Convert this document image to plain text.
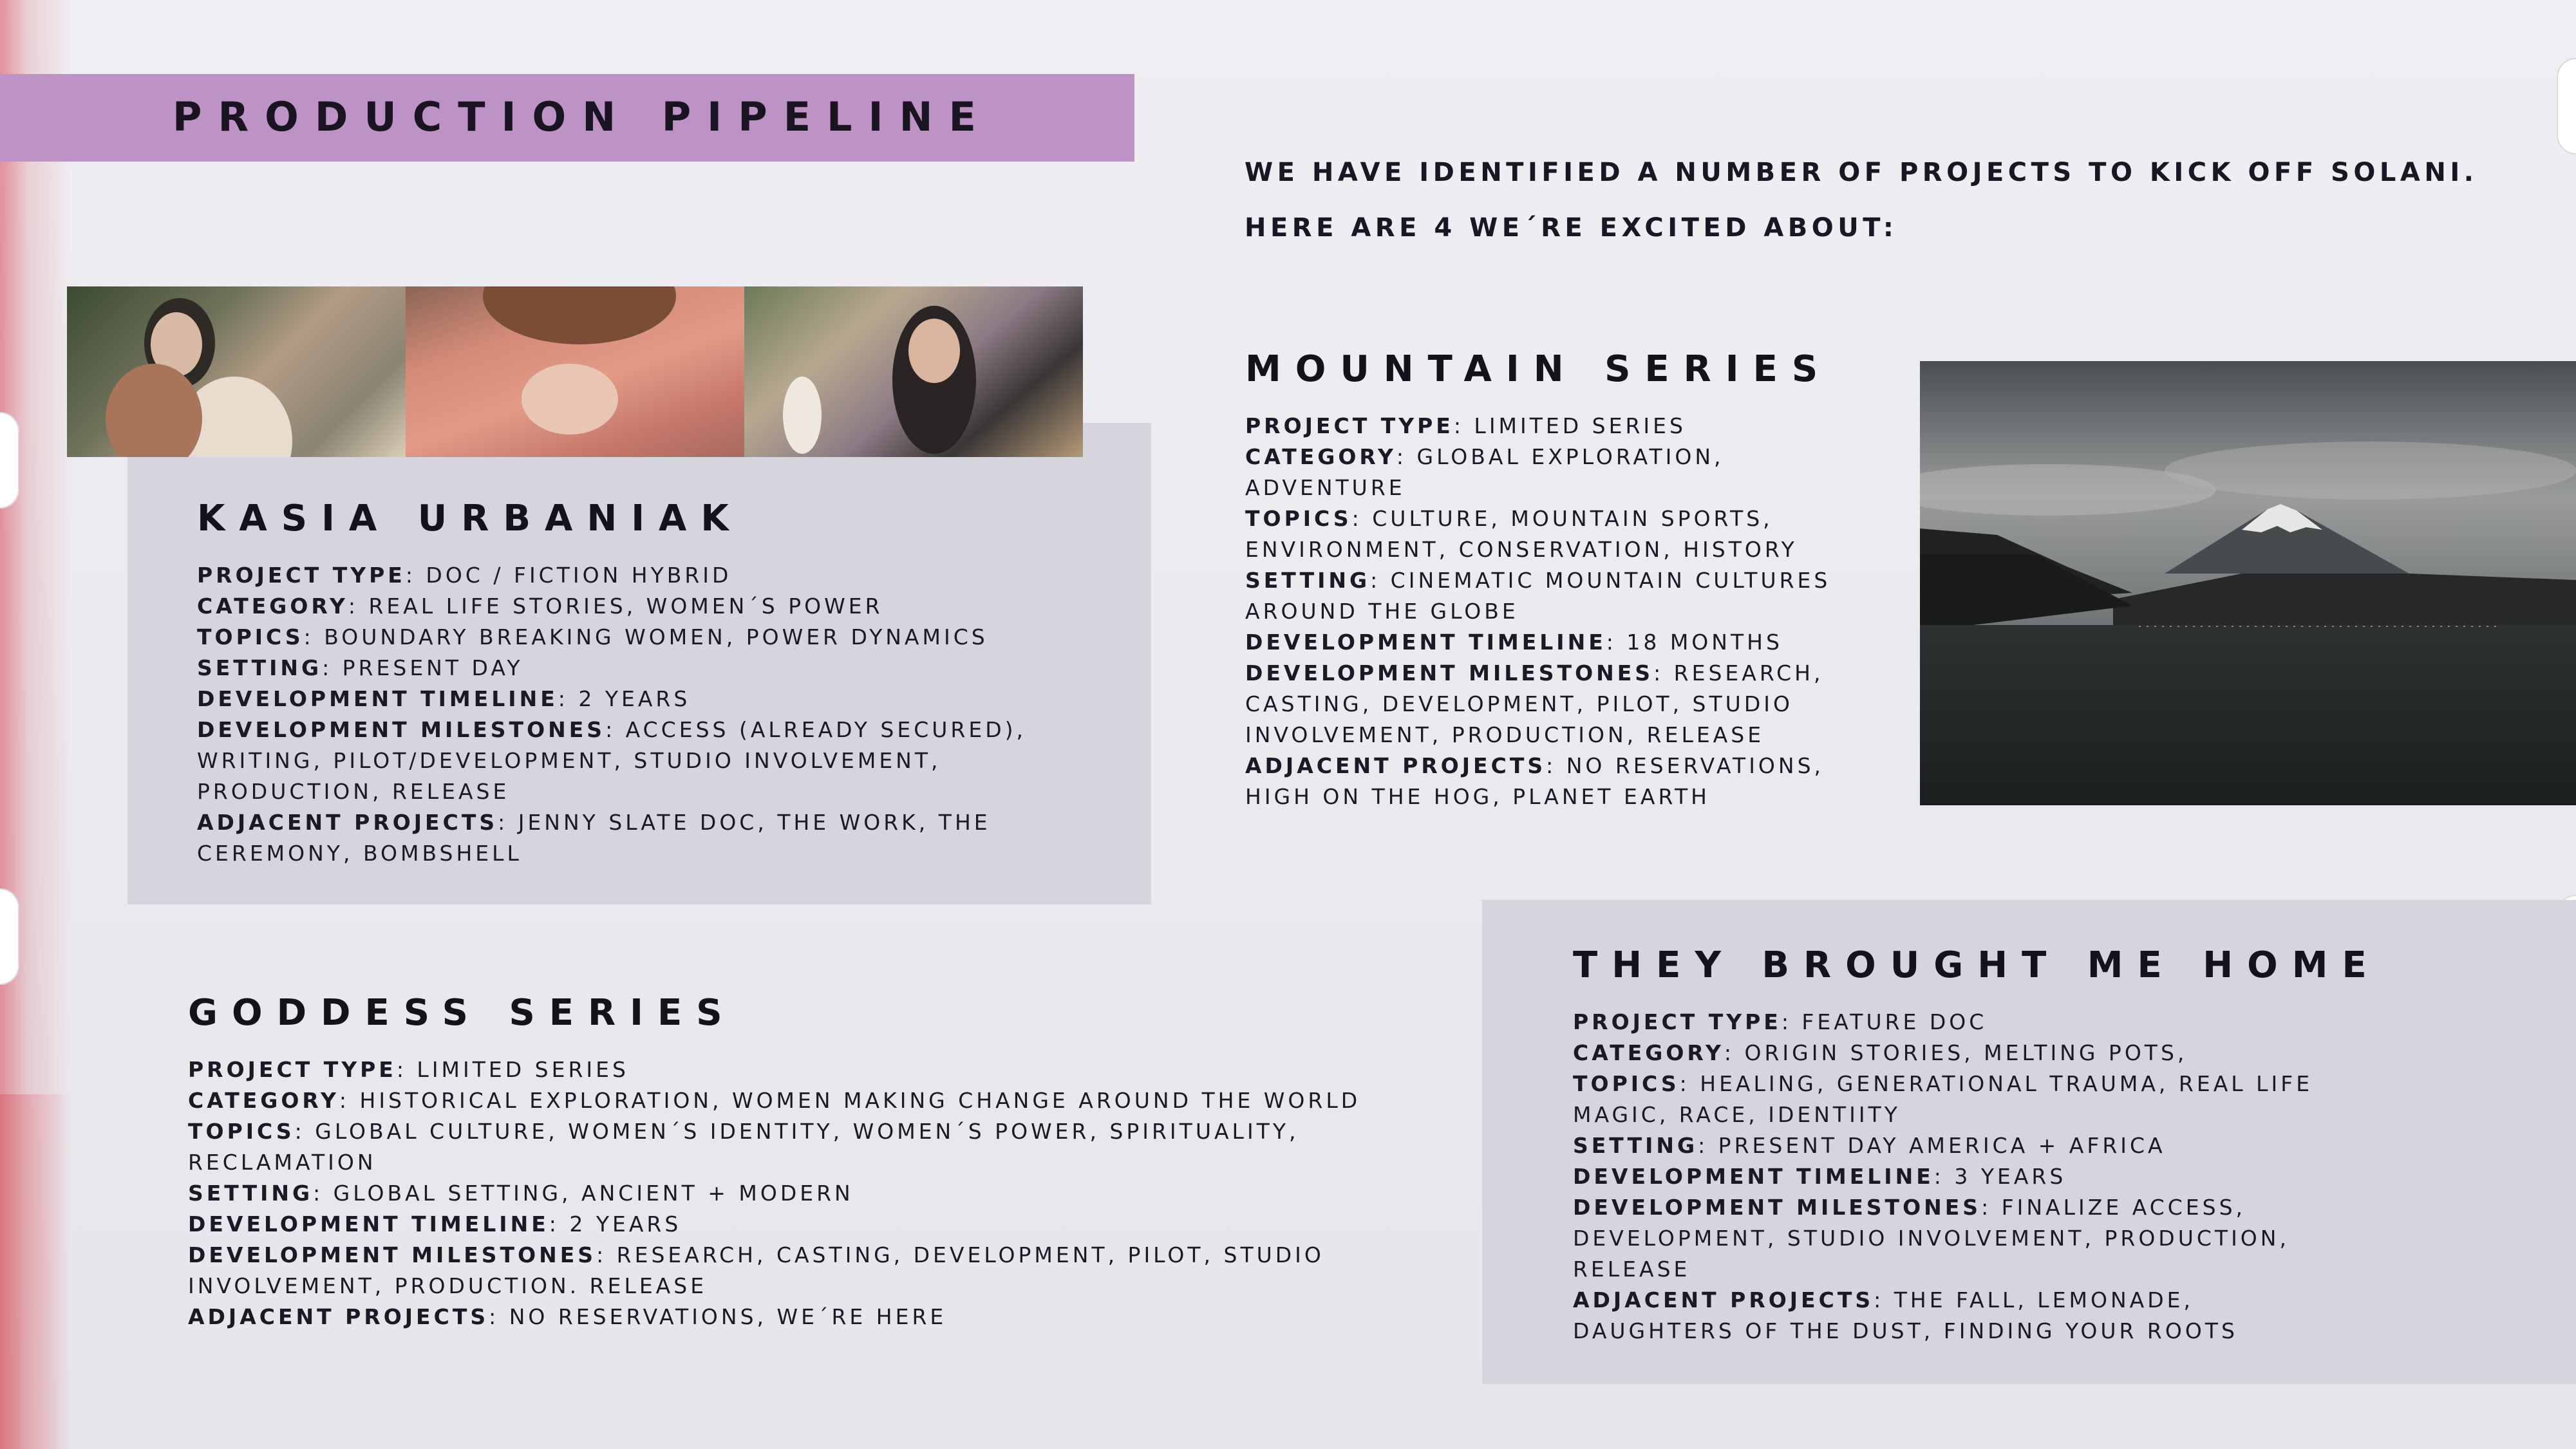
PRODUCTION PIPELINE
WE HAVE IDENTIFIED A NUMBER OF PROJECTS TO KICK OFF SOLANI.
HERE ARE 4 WE´RE EXCITED ABOUT:
KASIA URBANIAK
PROJECT TYPE: DOC / FICTION HYBRID
CATEGORY: REAL LIFE STORIES, WOMEN´S POWER
TOPICS: BOUNDARY BREAKING WOMEN, POWER DYNAMICS
SETTING: PRESENT DAY
DEVELOPMENT TIMELINE: 2 YEARS
DEVELOPMENT MILESTONES: ACCESS (ALREADY SECURED),
WRITING, PILOT/DEVELOPMENT, STUDIO INVOLVEMENT,
PRODUCTION, RELEASE
ADJACENT PROJECTS: JENNY SLATE DOC, THE WORK, THE
CEREMONY, BOMBSHELL
MOUNTAIN SERIES
PROJECT TYPE: LIMITED SERIES
CATEGORY: GLOBAL EXPLORATION,
ADVENTURE
TOPICS: CULTURE, MOUNTAIN SPORTS,
ENVIRONMENT, CONSERVATION, HISTORY
SETTING: CINEMATIC MOUNTAIN CULTURES
AROUND THE GLOBE
DEVELOPMENT TIMELINE: 18 MONTHS
DEVELOPMENT MILESTONES: RESEARCH,
CASTING, DEVELOPMENT, PILOT, STUDIO
INVOLVEMENT, PRODUCTION, RELEASE
ADJACENT PROJECTS: NO RESERVATIONS,
HIGH ON THE HOG, PLANET EARTH
GODDESS SERIES
PROJECT TYPE: LIMITED SERIES
CATEGORY: HISTORICAL EXPLORATION, WOMEN MAKING CHANGE AROUND THE WORLD
TOPICS: GLOBAL CULTURE, WOMEN´S IDENTITY, WOMEN´S POWER, SPIRITUALITY,
RECLAMATION
SETTING: GLOBAL SETTING, ANCIENT + MODERN
DEVELOPMENT TIMELINE: 2 YEARS
DEVELOPMENT MILESTONES: RESEARCH, CASTING, DEVELOPMENT, PILOT, STUDIO
INVOLVEMENT, PRODUCTION. RELEASE
ADJACENT PROJECTS: NO RESERVATIONS, WE´RE HERE
THEY BROUGHT ME HOME
PROJECT TYPE: FEATURE DOC
CATEGORY: ORIGIN STORIES, MELTING POTS,
TOPICS: HEALING, GENERATIONAL TRAUMA, REAL LIFE
MAGIC, RACE, IDENTIITY
SETTING: PRESENT DAY AMERICA + AFRICA
DEVELOPMENT TIMELINE: 3 YEARS
DEVELOPMENT MILESTONES: FINALIZE ACCESS,
DEVELOPMENT, STUDIO INVOLVEMENT, PRODUCTION,
RELEASE
ADJACENT PROJECTS: THE FALL, LEMONADE,
DAUGHTERS OF THE DUST, FINDING YOUR ROOTS
